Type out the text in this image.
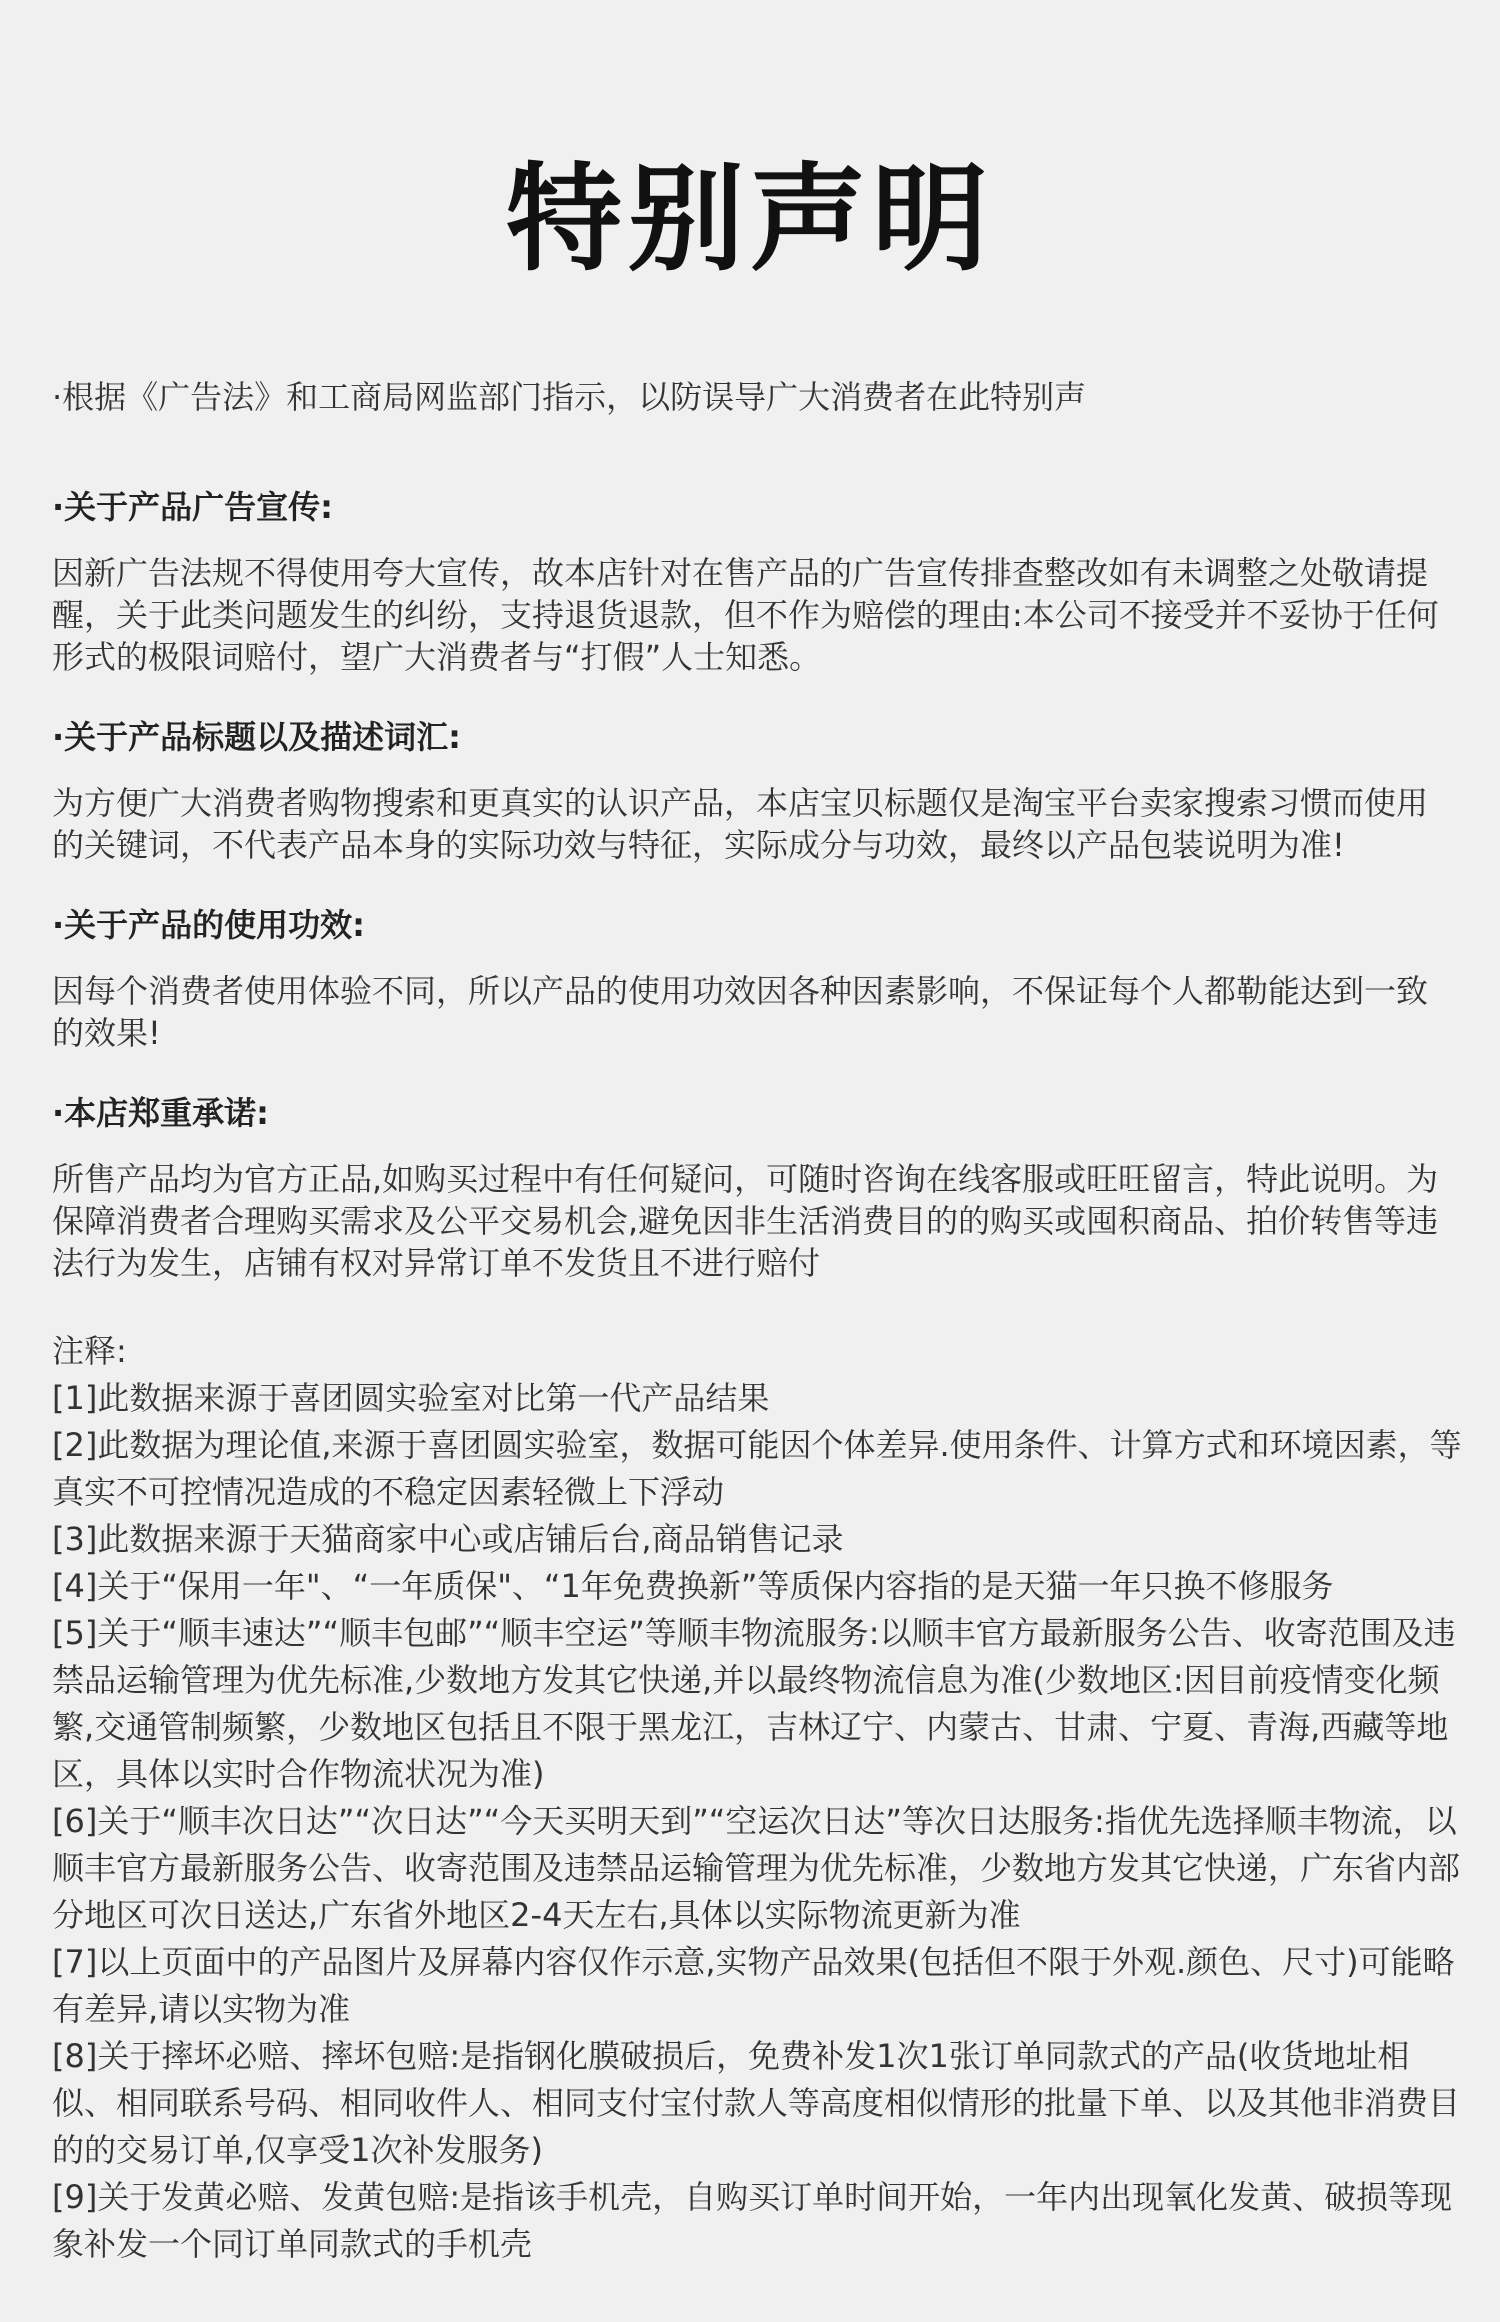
特别声明
·根据《广告法》和工商局网监部门指示，以防误导广大消费者在此特别声
·关于产品广告宣传:
因新广告法规不得使用夸大宣传，故本店针对在售产品的广告宣传排查整改如有未调整之处敬请提醒，关于此类问题发生的纠纷，支持退货退款，但不作为赔偿的理由:本公司不接受并不妥协于任何形式的极限词赔付，望广大消费者与“打假”人士知悉。
·关于产品标题以及描述词汇:
为方便广大消费者购物搜索和更真实的认识产品，本店宝贝标题仅是淘宝平台卖家搜索习惯而使用的关键词，不代表产品本身的实际功效与特征，实际成分与功效，最终以产品包装说明为准!
·关于产品的使用功效:
因每个消费者使用体验不同，所以产品的使用功效因各种因素影响，不保证每个人都勒能达到一致的效果!
·本店郑重承诺:
所售产品均为官方正品,如购买过程中有任何疑问，可随时咨询在线客服或旺旺留言，特此说明。为保障消费者合理购买需求及公平交易机会,避免因非生活消费目的的购买或囤积商品、拍价转售等违法行为发生，店铺有权对异常订单不发货且不进行赔付
注释:
[1]此数据来源于喜团圆实验室对比第一代产品结果
[2]此数据为理论值,来源于喜团圆实验室，数据可能因个体差异.使用条件、计算方式和环境因素，等真实不可控情况造成的不稳定因素轻微上下浮动
[3]此数据来源于天猫商家中心或店铺后台,商品销售记录
[4]关于“保用一年"、“一年质保"、“1年免费换新”等质保内容指的是天猫一年只换不修服务
[5]关于“顺丰速达”“顺丰包邮”“顺丰空运”等顺丰物流服务:以顺丰官方最新服务公告、收寄范围及违禁品运输管理为优先标准,少数地方发其它快递,并以最终物流信息为准(少数地区:因目前疫情变化频繁,交通管制频繁，少数地区包括且不限于黑龙江，吉林辽宁、内蒙古、甘肃、宁夏、青海,西藏等地区，具体以实时合作物流状况为准)
[6]关于“顺丰次日达”“次日达”“今天买明天到”“空运次日达”等次日达服务:指优先选择顺丰物流，以顺丰官方最新服务公告、收寄范围及违禁品运输管理为优先标准，少数地方发其它快递，广东省内部分地区可次日送达,广东省外地区2-4天左右,具体以实际物流更新为准
[7]以上页面中的产品图片及屏幕内容仅作示意,实物产品效果(包括但不限于外观.颜色、尺寸)可能略有差异,请以实物为准
[8]关于摔坏必赔、摔坏包赔:是指钢化膜破损后，免费补发1次1张订单同款式的产品(收货地址相似、相同联系号码、相同收件人、相同支付宝付款人等高度相似情形的批量下单、以及其他非消费目的的交易订单,仅享受1次补发服务)
[9]关于发黄必赔、发黄包赔:是指该手机壳，自购买订单时间开始，一年内出现氧化发黄、破损等现象补发一个同订单同款式的手机壳
